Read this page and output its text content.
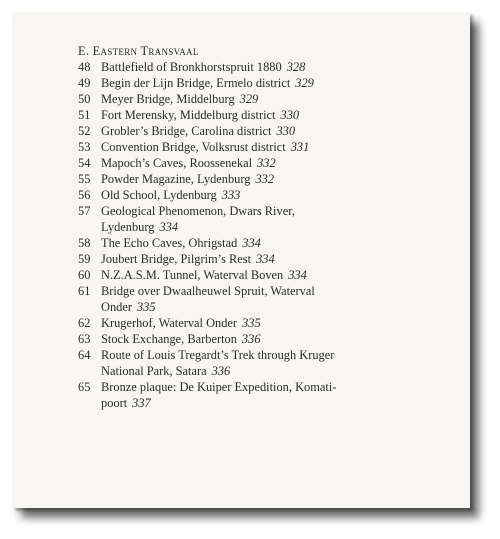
E. Eastern Transvaal
48 Battlefield of Bronkhorstspruit 1880 328
49 Begin der Lijn Bridge, Ermelo district 329
50 Meyer Bridge, Middelburg 329
51 Fort Merensky, Middelburg district 330
52 Grobler’s Bridge, Carolina district 330
53 Convention Bridge, Volksrust district 331
54 Mapoch’s Caves, Roossenekal 332
55 Powder Magazine, Lydenburg 332
56 Old School, Lydenburg 333
57 Geological Phenomenon, Dwars River,
Lydenburg 334
58 The Echo Caves, Ohrigstad 334
59 Joubert Bridge, Pilgrim’s Rest 334
60 N.Z.A.S.M. Tunnel, Waterval Boven 334
61 Bridge over Dwaalheuwel Spruit, Waterval
Onder 335
62 Krugerhof, Waterval Onder 335
63 Stock Exchange, Barberton 336
64 Route of Louis Tregardt’s Trek through Kruger
National Park, Satara 336
65 Bronze plaque: De Kuiper Expedition, Komati-
poort 337
